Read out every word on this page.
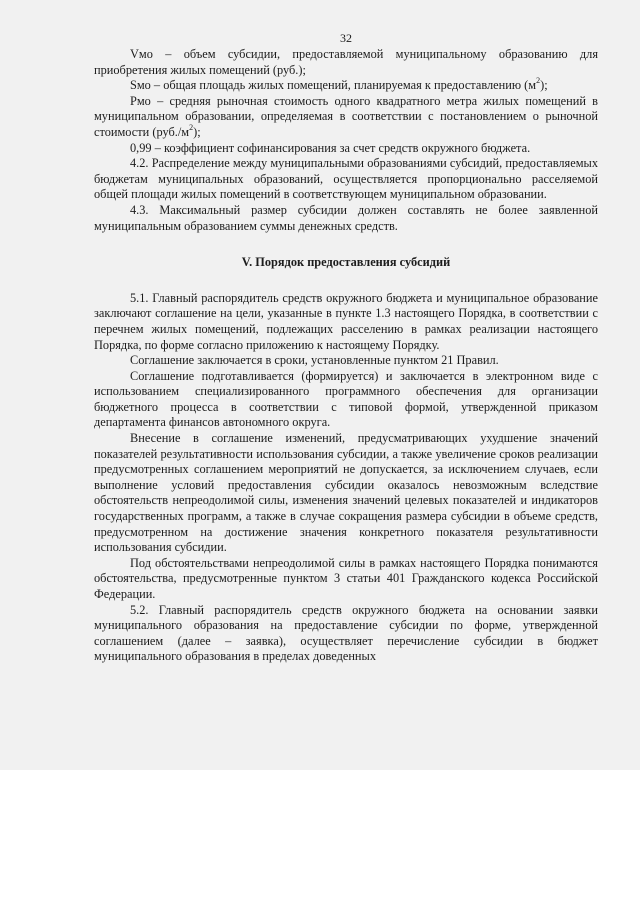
32

Vмо – объем субсидии, предоставляемой муниципальному образованию для приобретения жилых помещений (руб.);

Sмо – общая площадь жилых помещений, планируемая к предоставлению $(м^2)$;

Рмо – средняя рыночная стоимость одного квадратного метра жилых помещений в муниципальном образовании, определяемая в соответствии с постановлением о рыночной стоимости $(руб./м^2)$;

0,99 – коэффициент софинансирования за счет средств окружного бюджета.

4.2. Распределение между муниципальными образованиями субсидий, предоставляемых бюджетам муниципальных образований, осуществляется пропорционально расселяемой общей площади жилых помещений в соответствующем муниципальном образовании.

4.3. Максимальный размер субсидии должен составлять не более заявленной муниципальным образованием суммы денежных средств.

V. Порядок предоставления субсидий

5.1. Главный распорядитель средств окружного бюджета и муниципальное образование заключают соглашение на цели, указанные в пункте 1.3 настоящего Порядка, в соответствии с перечнем жилых помещений, подлежащих расселению в рамках реализации настоящего Порядка, по форме согласно приложению к настоящему Порядку.

Соглашение заключается в сроки, установленные пунктом 21 Правил.

Соглашение подготавливается (формируется) и заключается в электронном виде с использованием специализированного программного обеспечения для организации бюджетного процесса в соответствии с типовой формой, утвержденной приказом департамента финансов автономного округа.

Внесение в соглашение изменений, предусматривающих ухудшение значений показателей результативности использования субсидии, а также увеличение сроков реализации предусмотренных соглашением мероприятий не допускается, за исключением случаев, если выполнение условий предоставления субсидии оказалось невозможным вследствие обстоятельств непреодолимой силы, изменения значений целевых показателей и индикаторов государственных программ, а также в случае сокращения размера субсидии в объеме средств, предусмотренном на достижение значения конкретного показателя результативности использования субсидии.

Под обстоятельствами непреодолимой силы в рамках настоящего Порядка понимаются обстоятельства, предусмотренные пунктом 3 статьи 401 Гражданского кодекса Российской Федерации.

5.2. Главный распорядитель средств окружного бюджета на основании заявки муниципального образования на предоставление субсидии по форме, утвержденной соглашением (далее – заявка), осуществляет перечисление субсидии в бюджет муниципального образования в пределах доведенных
